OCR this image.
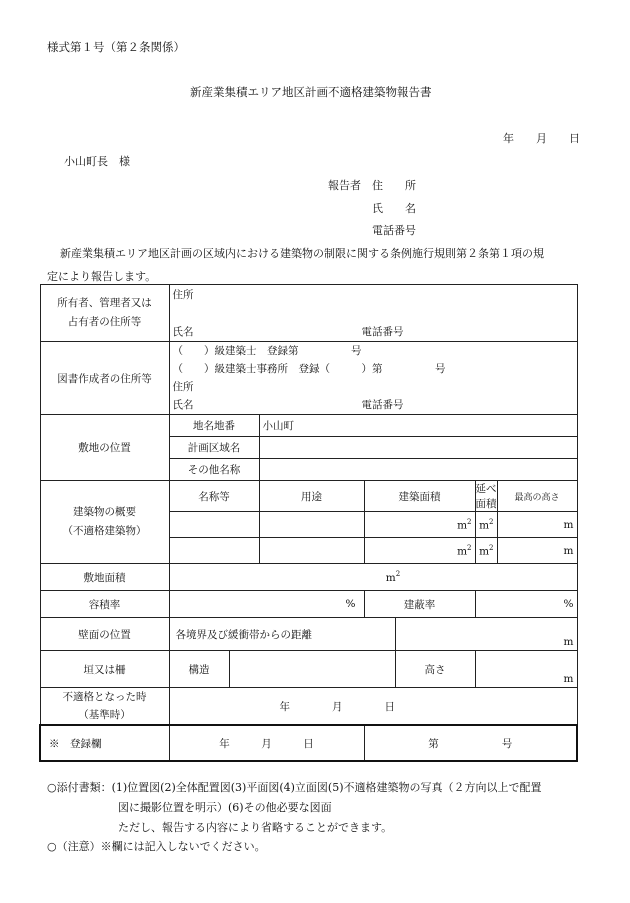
様式第１号（第２条関係）
新産業集積エリア地区計画不適格建築物報告書
年　　月　　日
小山町長　様
報告者 住　　所
氏　　名
電話番号
新産業集積エリア地区計画の区域内における建築物の制限に関する条例施行規則第２条第１項の規
定により報告します。
所有者、管理者又は
占有者の住所等	住所
氏名 電話番号						

図書作成者の住所等	（　　）級建築士　登録第　　　　　号
（　　）級建築士事務所　登録（　　　）第　　　　　号
住所
氏名 電話番号						

敷地の位置	地名地番		小山町				
	計画区域名						
	その他名称						
建築物の概要
（不適格建築物）	名称等		用途	建築面積		延べ面積	最高の高さ
				$m^2$		$m^2$	m
				$m^2$		$m^2$	m
敷地面積	$m^2$
容積率	%			建蔽率		%	
壁面の位置	各境界及び緩衝帯からの距離				m		
垣又は柵	構造				高さ	m	
不適格となった時
（基準時）	年　　　　月　　　　日						
※　登録欄	年　　　月　　　日			第　　　　　　号			
○添付書類：(1)位置図(2)全体配置図(3)平面図(4)立面図(5)不適格建築物の写真（２方向以上で配置
図に撮影位置を明示）(6)その他必要な図面
ただし、報告する内容により省略することができます。
○（注意）※欄には記入しないでください。
